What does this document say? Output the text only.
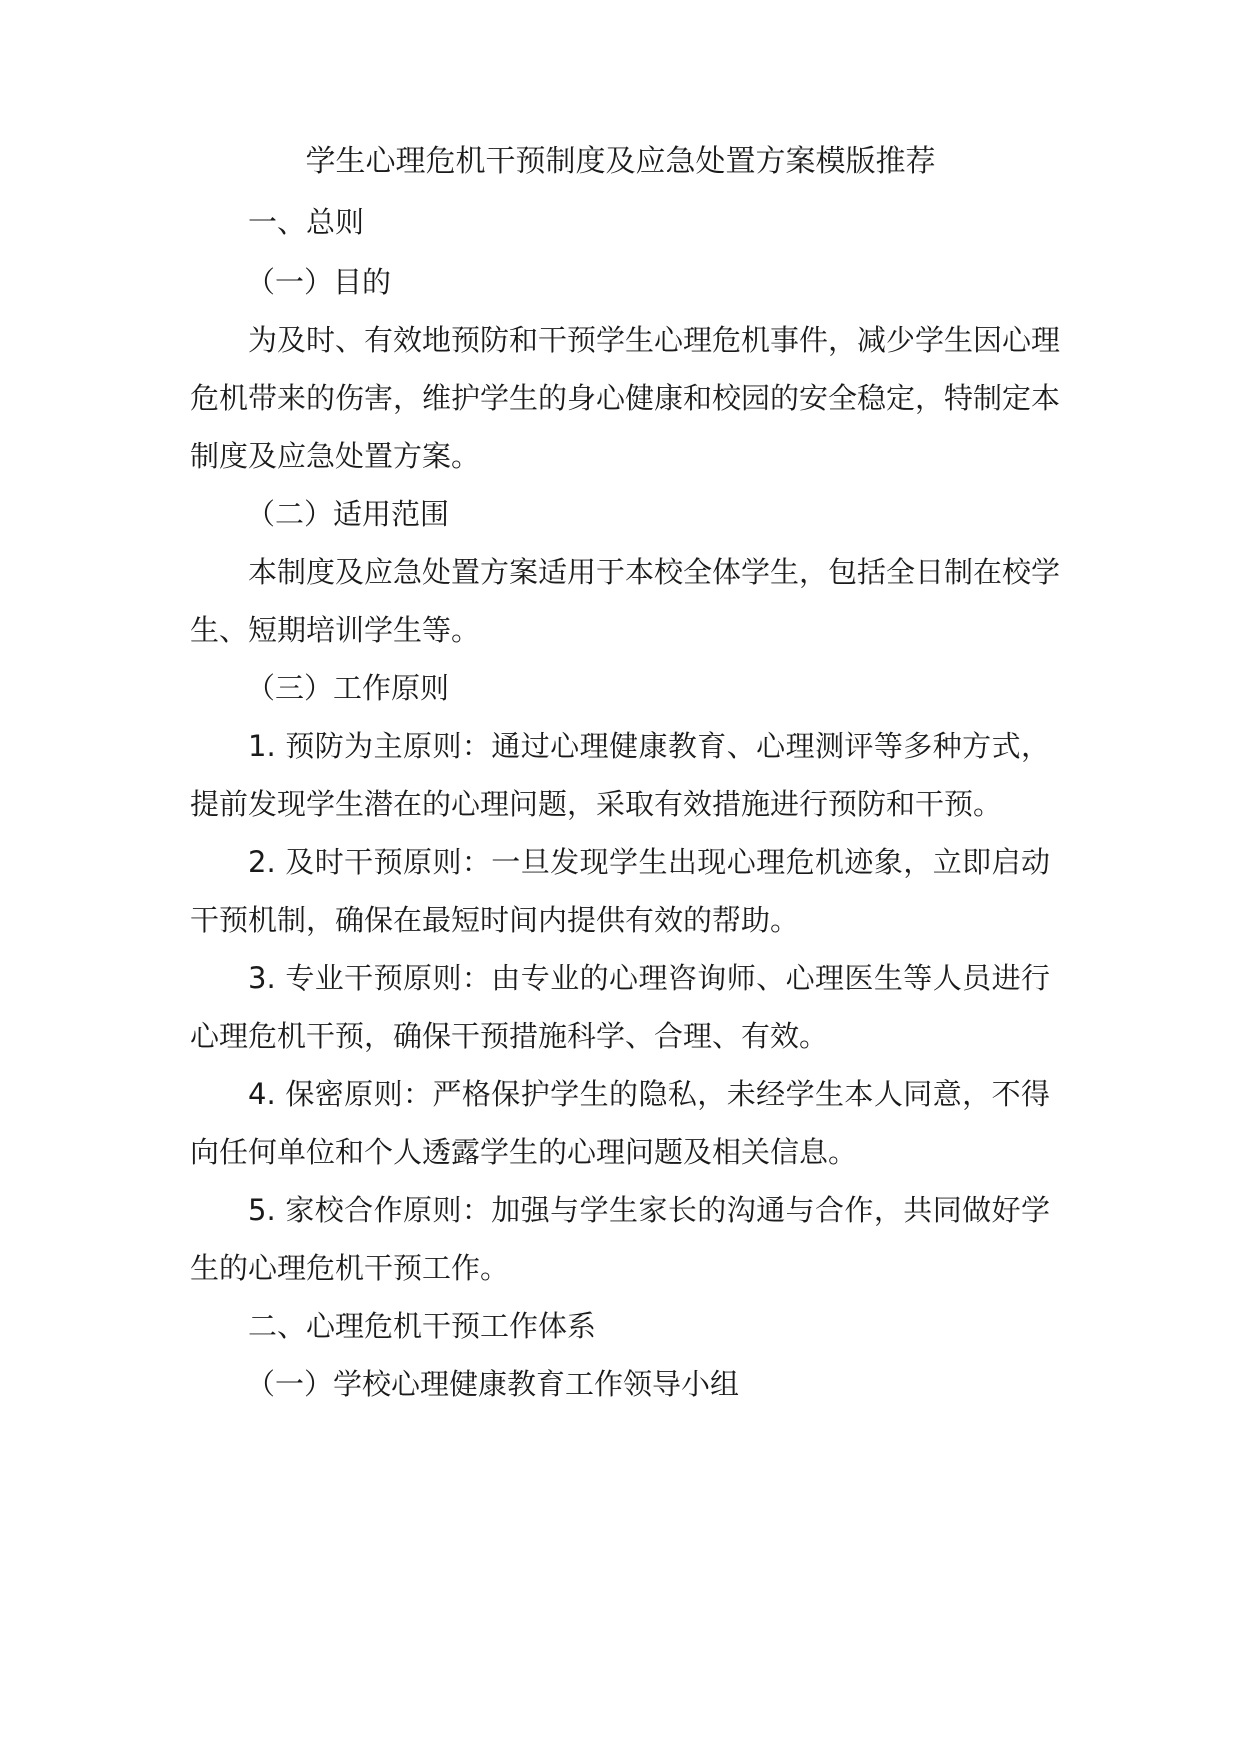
学生心理危机干预制度及应急处置方案模版推荐
一、总则
（一）目的
为及时、有效地预防和干预学生心理危机事件，减少学生因心理
危机带来的伤害，维护学生的身心健康和校园的安全稳定，特制定本
制度及应急处置方案。
（二）适用范围
本制度及应急处置方案适用于本校全体学生，包括全日制在校学
生、短期培训学生等。
（三）工作原则
1. 预防为主原则：通过心理健康教育、心理测评等多种方式，
提前发现学生潜在的心理问题，采取有效措施进行预防和干预。
2. 及时干预原则：一旦发现学生出现心理危机迹象，立即启动
干预机制，确保在最短时间内提供有效的帮助。
3. 专业干预原则：由专业的心理咨询师、心理医生等人员进行
心理危机干预，确保干预措施科学、合理、有效。
4. 保密原则：严格保护学生的隐私，未经学生本人同意，不得
向任何单位和个人透露学生的心理问题及相关信息。
5. 家校合作原则：加强与学生家长的沟通与合作，共同做好学
生的心理危机干预工作。
二、心理危机干预工作体系
（一）学校心理健康教育工作领导小组
